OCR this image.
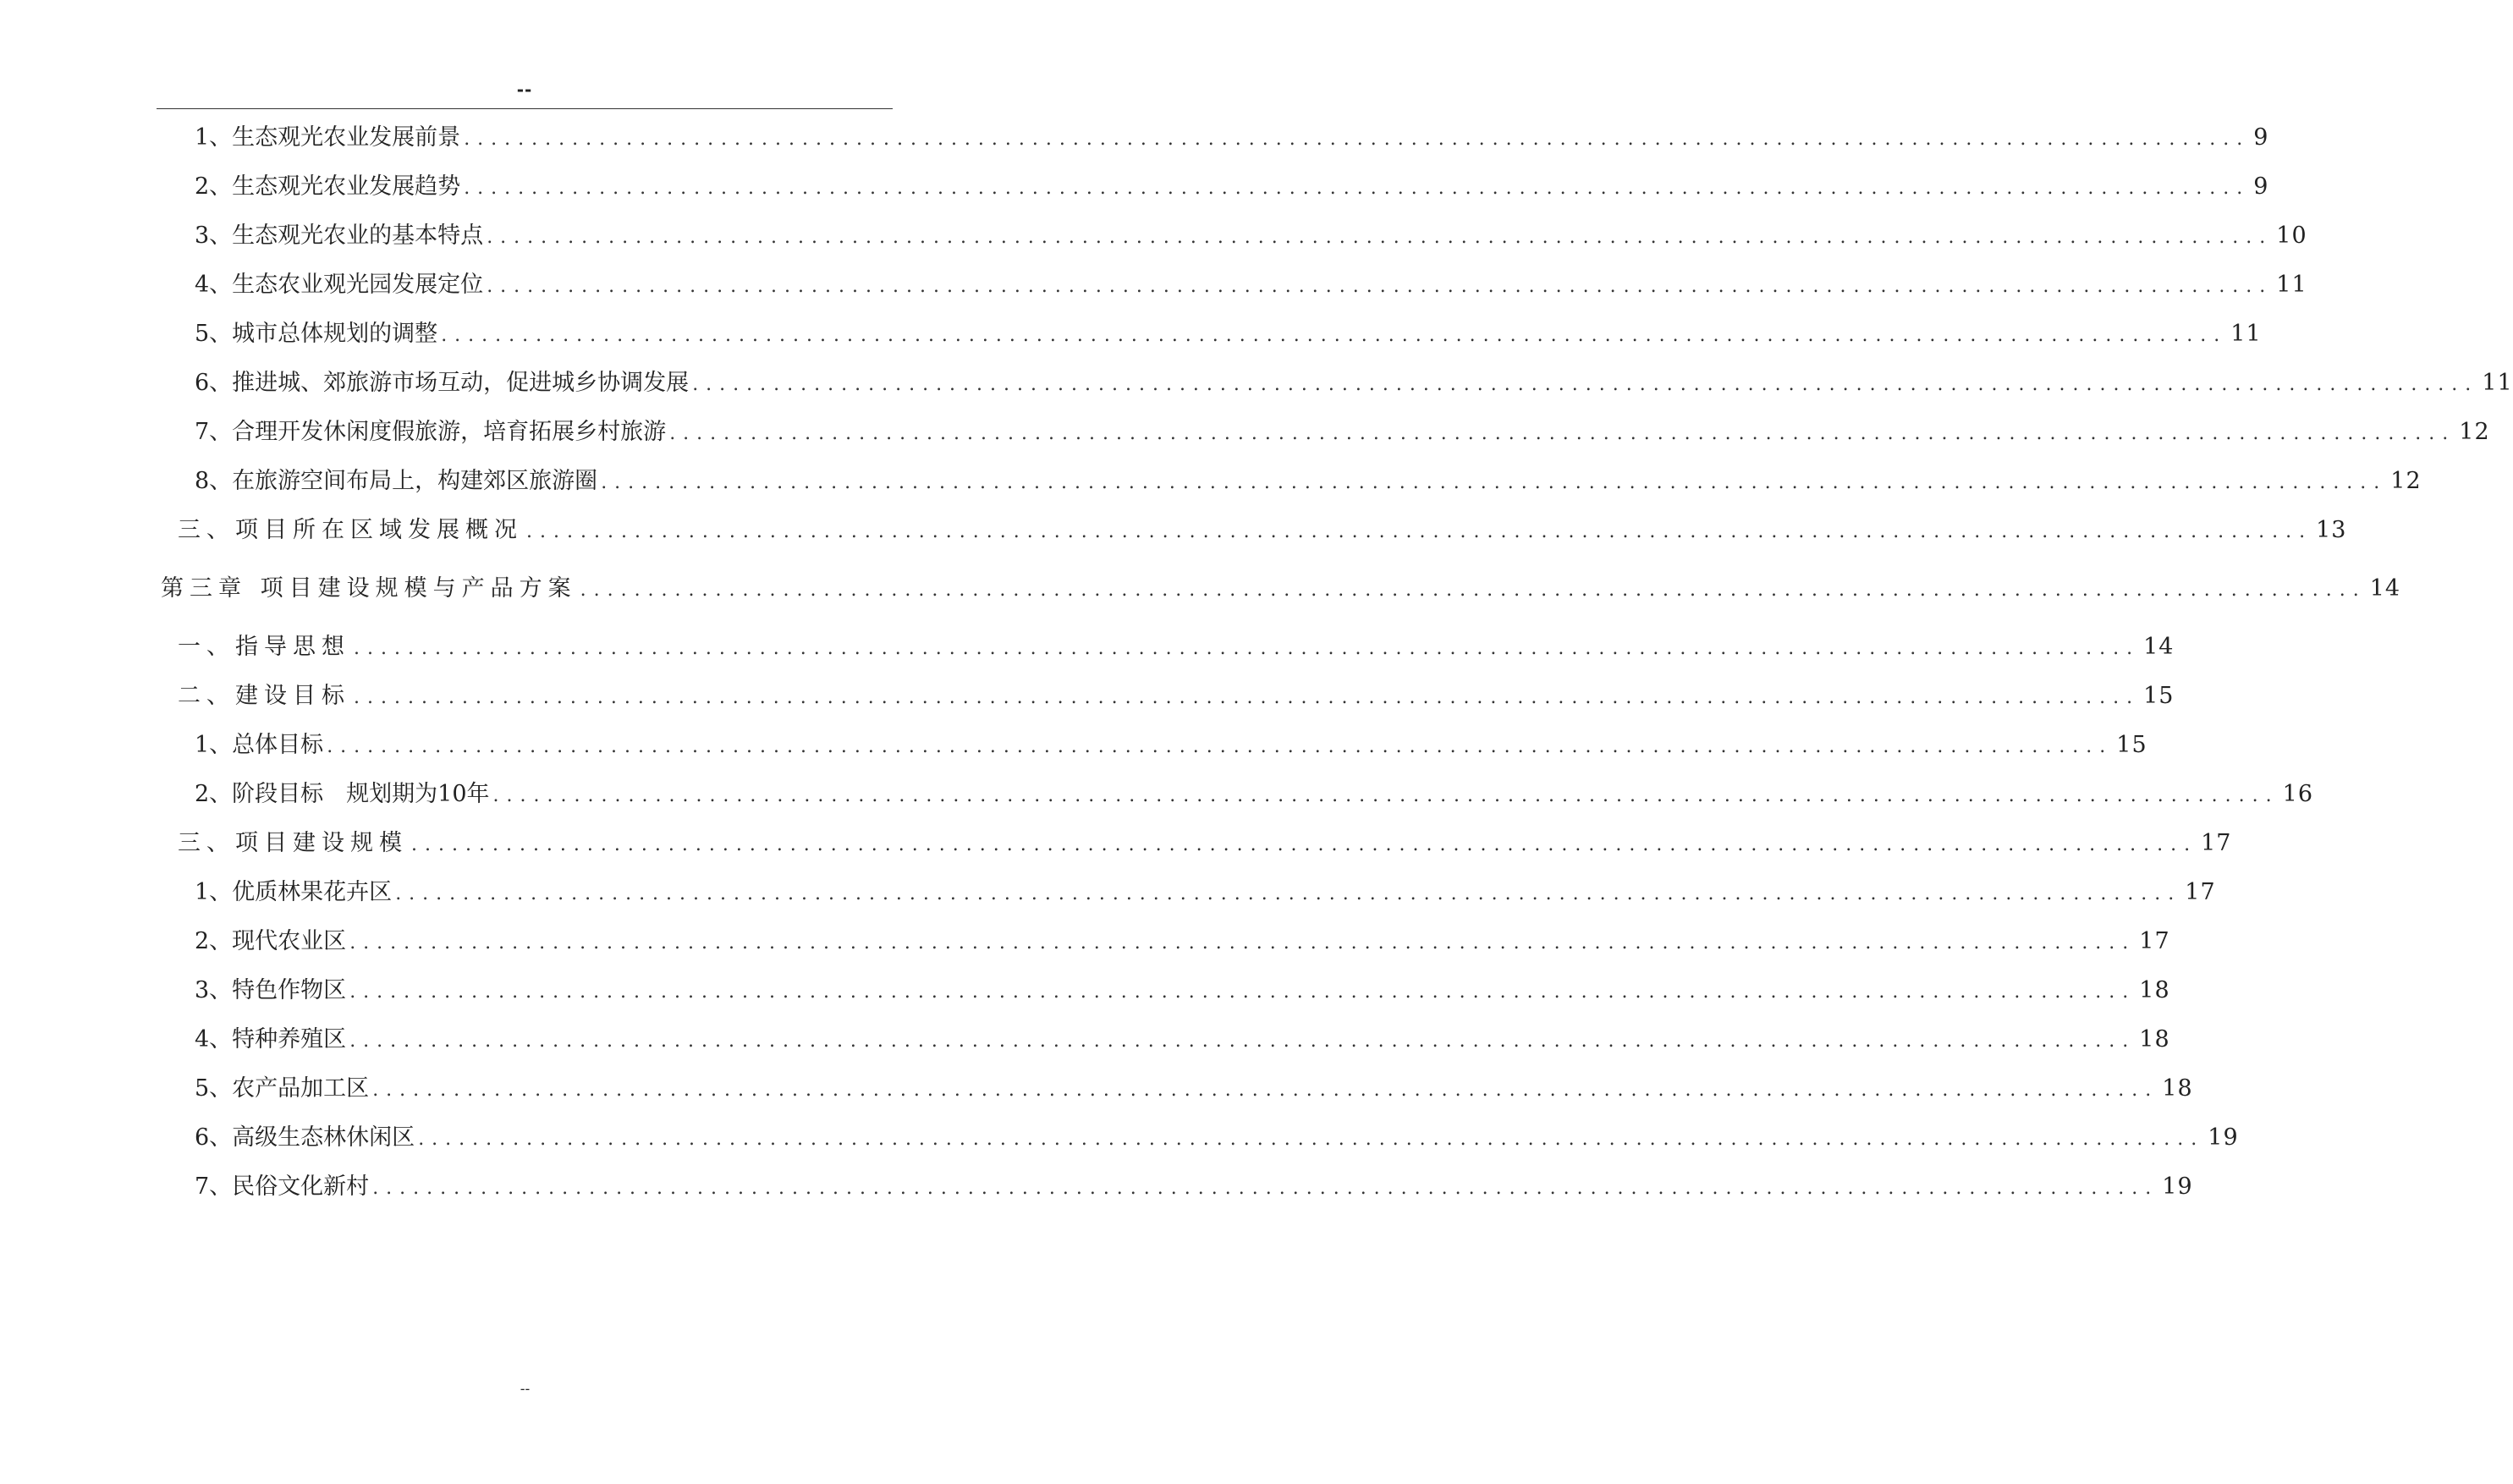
--
1、生态观光农业发展前景 .................................................................................................................................... 9
2、生态观光农业发展趋势 .................................................................................................................................... 9
3、生态观光农业的基本特点 .................................................................................................................................... 10
4、生态农业观光园发展定位 .................................................................................................................................... 11
5、城市总体规划的调整 .................................................................................................................................... 11
6、推进城、郊旅游市场互动，促进城乡协调发展 .................................................................................................................................... 11
7、合理开发休闲度假旅游，培育拓展乡村旅游 .................................................................................................................................... 12
8、在旅游空间布局上，构建郊区旅游圈 .................................................................................................................................... 12
三、项目所在区域发展概况 .................................................................................................................................... 13
第三章 项目建设规模与产品方案 .................................................................................................................................... 14
一、指导思想 .................................................................................................................................... 14
二、建设目标 .................................................................................................................................... 15
1、总体目标 .................................................................................................................................... 15
2、阶段目标　规划期为10年 .................................................................................................................................... 16
三、项目建设规模 .................................................................................................................................... 17
1、优质林果花卉区 .................................................................................................................................... 17
2、现代农业区 .................................................................................................................................... 17
3、特色作物区 .................................................................................................................................... 18
4、特种养殖区 .................................................................................................................................... 18
5、农产品加工区 .................................................................................................................................... 18
6、高级生态林休闲区 .................................................................................................................................... 19
7、民俗文化新村 .................................................................................................................................... 19
--
